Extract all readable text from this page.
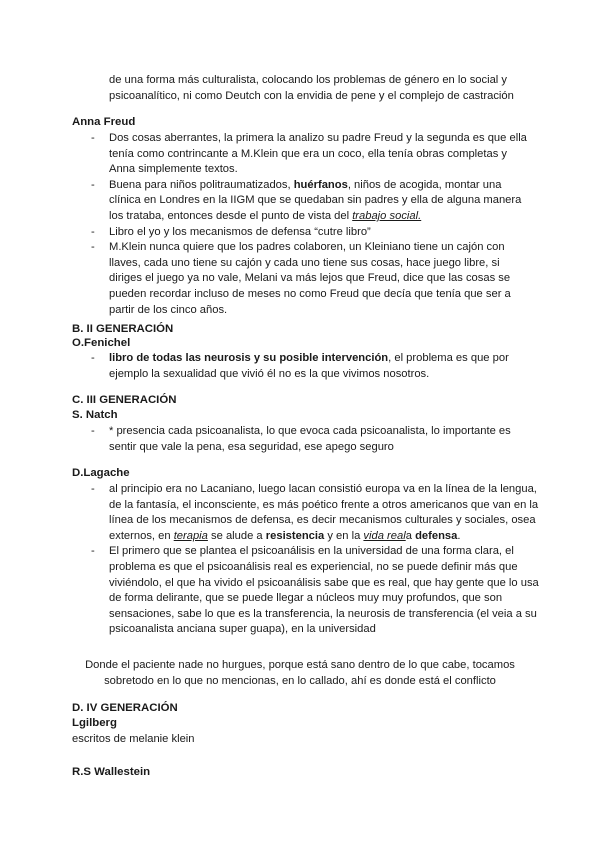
de una forma más culturalista, colocando los problemas de género en lo social y
psicoanalítico, ni como Deutch con la envidia de pene y el complejo de castración
Anna Freud
- Dos cosas aberrantes, la primera la analizo su padre Freud y la segunda es que ella tenía como contrincante a M.Klein que era un coco, ella tenía obras completas y Anna simplemente textos.
- Buena para niños politraumatizados, huérfanos, niños de acogida, montar una clínica en Londres en la IIGM que se quedaban sin padres y ella de alguna manera los trataba, entonces desde el punto de vista del trabajo social.
- Libro el yo y los mecanismos de defensa “cutre libro”
- M.Klein nunca quiere que los padres colaboren, un Kleiniano tiene un cajón con llaves, cada uno tiene su cajón y cada uno tiene sus cosas, hace juego libre, si diriges el juego ya no vale, Melani va más lejos que Freud, dice que las cosas se pueden recordar incluso de meses no como Freud que decía que tenía que ser a partir de los cinco años.
B. II GENERACIÓN
O.Fenichel
- libro de todas las neurosis y su posible intervención, el problema es que por ejemplo la sexualidad que vivió él no es la que vivimos nosotros.
C. III GENERACIÓN
S. Natch
- * presencia cada psicoanalista, lo que evoca cada psicoanalista, lo importante es sentir que vale la pena, esa seguridad, ese apego seguro
D.Lagache
- al principio era no Lacaniano, luego lacan consistió europa va en la línea de la lengua, de la fantasía, el inconsciente, es más poético frente a otros americanos que van en la línea de los mecanismos de defensa, es decir mecanismos culturales y sociales, osea externos, en terapia se alude a resistencia y en la vida reala defensa.
- El primero que se plantea el psicoanálisis en la universidad de una forma clara, el problema es que el psicoanálisis real es experiencial, no se puede definir más que viviéndolo, el que ha vivido el psicoanálisis sabe que es real, que hay gente que lo usa de forma delirante, que se puede llegar a núcleos muy muy profundos, que son sensaciones, sabe lo que es la transferencia, la neurosis de transferencia (el veia a su psicoanalista anciana super guapa), en la universidad
Donde el paciente nade no hurgues, porque está sano dentro de lo que cabe, tocamos
sobretodo en lo que no mencionas, en lo callado, ahí es donde está el conflicto
D. IV GENERACIÓN
Lgilberg
escritos de melanie klein
R.S Wallestein
